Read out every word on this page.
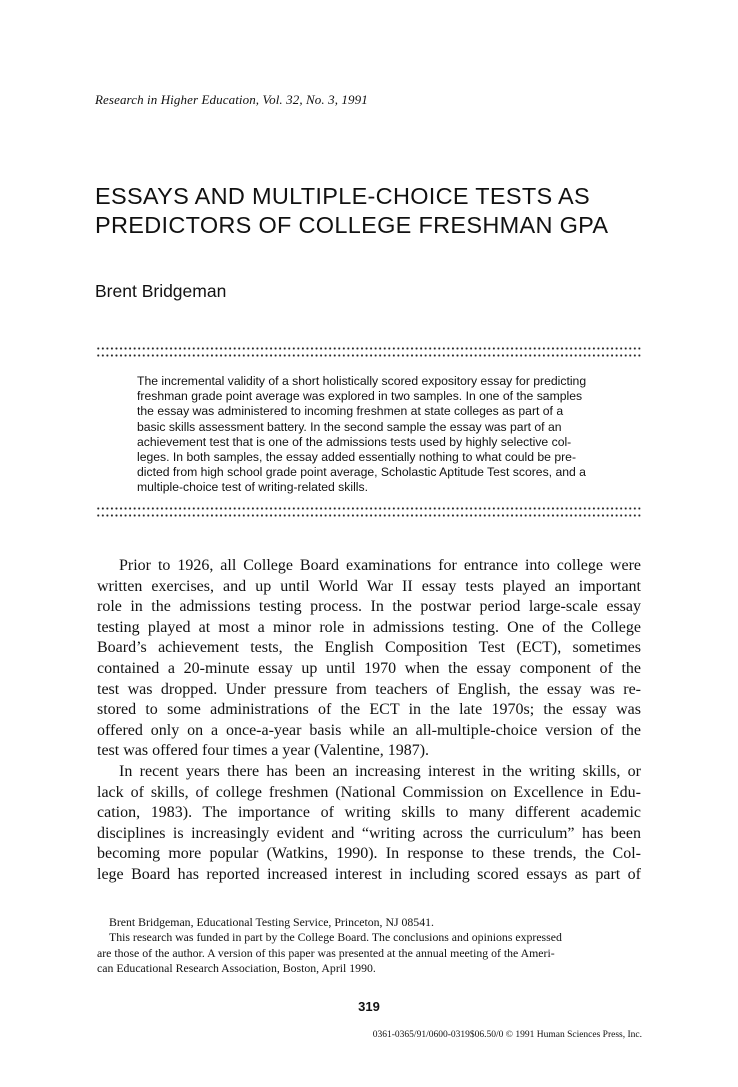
Research in Higher Education, Vol. 32, No. 3, 1991
ESSAYS AND MULTIPLE-CHOICE TESTS AS
PREDICTORS OF COLLEGE FRESHMAN GPA
Brent Bridgeman
The incremental validity of a short holistically scored expository essay for predicting
freshman grade point average was explored in two samples. In one of the samples
the essay was administered to incoming freshmen at state colleges as part of a
basic skills assessment battery. In the second sample the essay was part of an
achievement test that is one of the admissions tests used by highly selective col-
leges. In both samples, the essay added essentially nothing to what could be pre-
dicted from high school grade point average, Scholastic Aptitude Test scores, and a
multiple-choice test of writing-related skills.
Prior to 1926, all College Board examinations for entrance into college were
written exercises, and up until World War II essay tests played an important
role in the admissions testing process. In the postwar period large-scale essay
testing played at most a minor role in admissions testing. One of the College
Board’s achievement tests, the English Composition Test (ECT), sometimes
contained a 20-minute essay up until 1970 when the essay component of the
test was dropped. Under pressure from teachers of English, the essay was re-
stored to some administrations of the ECT in the late 1970s; the essay was
offered only on a once-a-year basis while an all-multiple-choice version of the
test was offered four times a year (Valentine, 1987).
In recent years there has been an increasing interest in the writing skills, or
lack of skills, of college freshmen (National Commission on Excellence in Edu-
cation, 1983). The importance of writing skills to many different academic
disciplines is increasingly evident and “writing across the curriculum” has been
becoming more popular (Watkins, 1990). In response to these trends, the Col-
lege Board has reported increased interest in including scored essays as part of
Brent Bridgeman, Educational Testing Service, Princeton, NJ 08541.
This research was funded in part by the College Board. The conclusions and opinions expressed
are those of the author. A version of this paper was presented at the annual meeting of the Ameri-
can Educational Research Association, Boston, April 1990.
319
0361-0365/91/0600-0319$06.50/0 © 1991 Human Sciences Press, Inc.
